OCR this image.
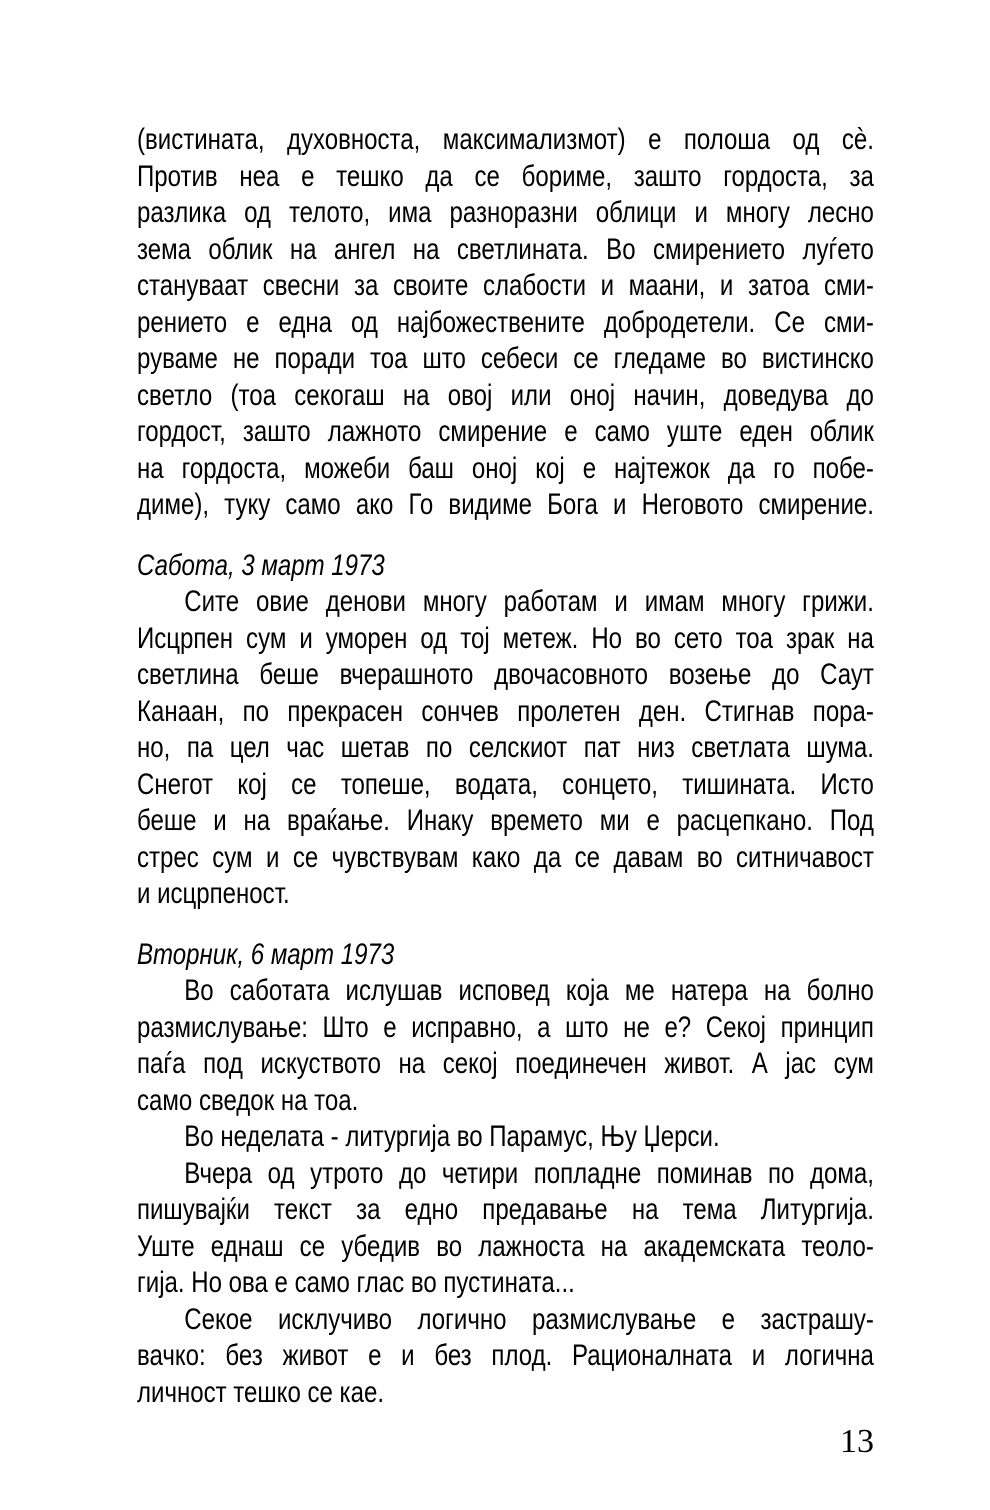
(вистината, духовноста, максимализмот) е полоша од сè.
Против неа е тешко да се бориме, зашто гордоста, за
разлика од телото, има разноразни облици и многу лесно
зема облик на ангел на светлината. Во смирението луѓето
стануваат свесни за своите слабости и маани, и затоа сми-
рението е една од најбожествените добродетели. Се сми-
руваме не поради тоа што себеси се гледаме во вистинско
светло (тоа секогаш на овој или оној начин, доведува до
гордост, зашто лажното смирение е само уште еден облик
на гордоста, можеби баш оној кој е најтежок да го побе-
диме), туку само ако Го видиме Бога и Неговото смирение.
Сабота, 3 март 1973
Сите овие денови многу работам и имам многу грижи.
Исцрпен сум и уморен од тој метеж. Но во сето тоа зрак на
светлина беше вчерашното двочасовното возење до Саут
Канаан, по прекрасен сончев пролетен ден. Стигнав пора-
но, па цел час шетав по селскиот пат низ светлата шума.
Снегот кој се топеше, водата, сонцето, тишината. Исто
беше и на враќање. Инаку времето ми е расцепкано. Под
стрес сум и се чувствувам како да се давам во ситничавост
и исцрпеност.
Вторник, 6 март 1973
Во саботата ислушав исповед која ме натера на болно
размислување: Што е исправно, а што не е? Секој принцип
паѓа под искуството на секој поединечен живот. А јас сум
само сведок на тоа.
Во неделата - литургија во Парамус, Њу Џерси.
Вчера од утрото до четири попладне поминав по дома,
пишувајќи текст за едно предавање на тема Литургија.
Уште еднаш се убедив во лажноста на академската теоло-
гија. Но ова е само глас во пустината...
Секое исклучиво логично размислување е застрашу-
вачко: без живот е и без плод. Рационалната и логична
личност тешко се кае.
13
